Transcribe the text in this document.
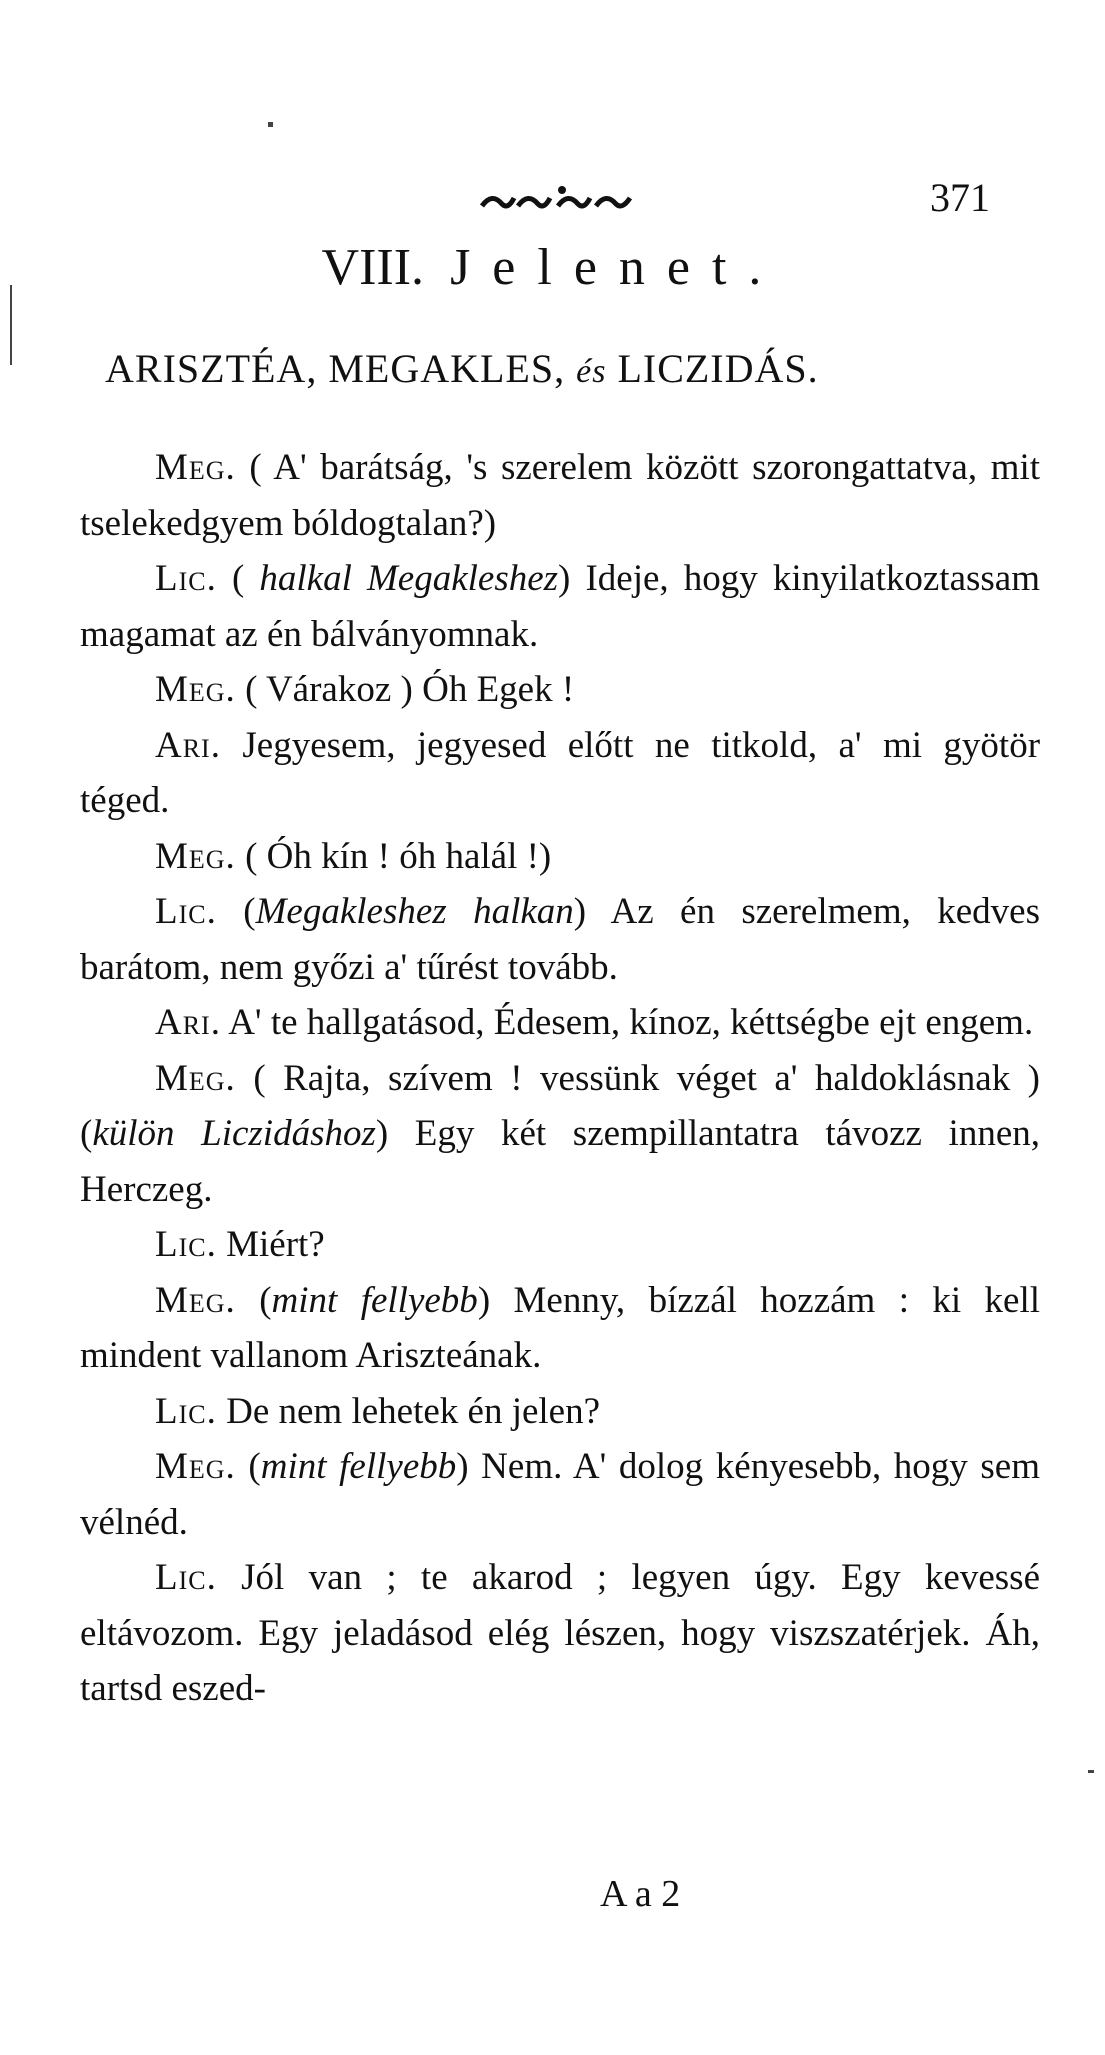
371
VIII. Jelenet.
ARISZTÉA, MEGAKLES, és LICZIDÁS.

Meg. ( A' barátság, 's szerelem között szorongattatva, mit tselekedgyem bóldogtalan?)

Lic. ( halkal Megakleshez) Ideje, hogy kinyilatkoztassam magamat az én bálványomnak.

Meg. ( Várakoz ) Óh Egek !

Ari. Jegyesem, jegyesed előtt ne titkold, a' mi gyötör téged.

Meg. ( Óh kín ! óh halál !)

Lic. (Megakleshez halkan) Az én szerelmem, kedves barátom, nem győzi a' tűrést tovább.

Ari. A' te hallgatásod, Édesem, kínoz, kéttségbe ejt engem.

Meg. ( Rajta, szívem ! vessünk véget a' haldoklásnak ) (külön Liczidáshoz) Egy két szempillantatra távozz innen, Herczeg.

Lic. Miért?

Meg. (mint fellyebb) Menny, bízzál hozzám : ki kell mindent vallanom Ariszteának.

Lic. De nem lehetek én jelen?

Meg. (mint fellyebb) Nem. A' dolog kényesebb, hogy sem vélnéd.

Lic. Jól van ; te akarod ; legyen úgy. Egy kevessé eltávozom. Egy jeladásod elég lészen, hogy viszszatérjek. Áh, tartsd eszed-

A a 2
